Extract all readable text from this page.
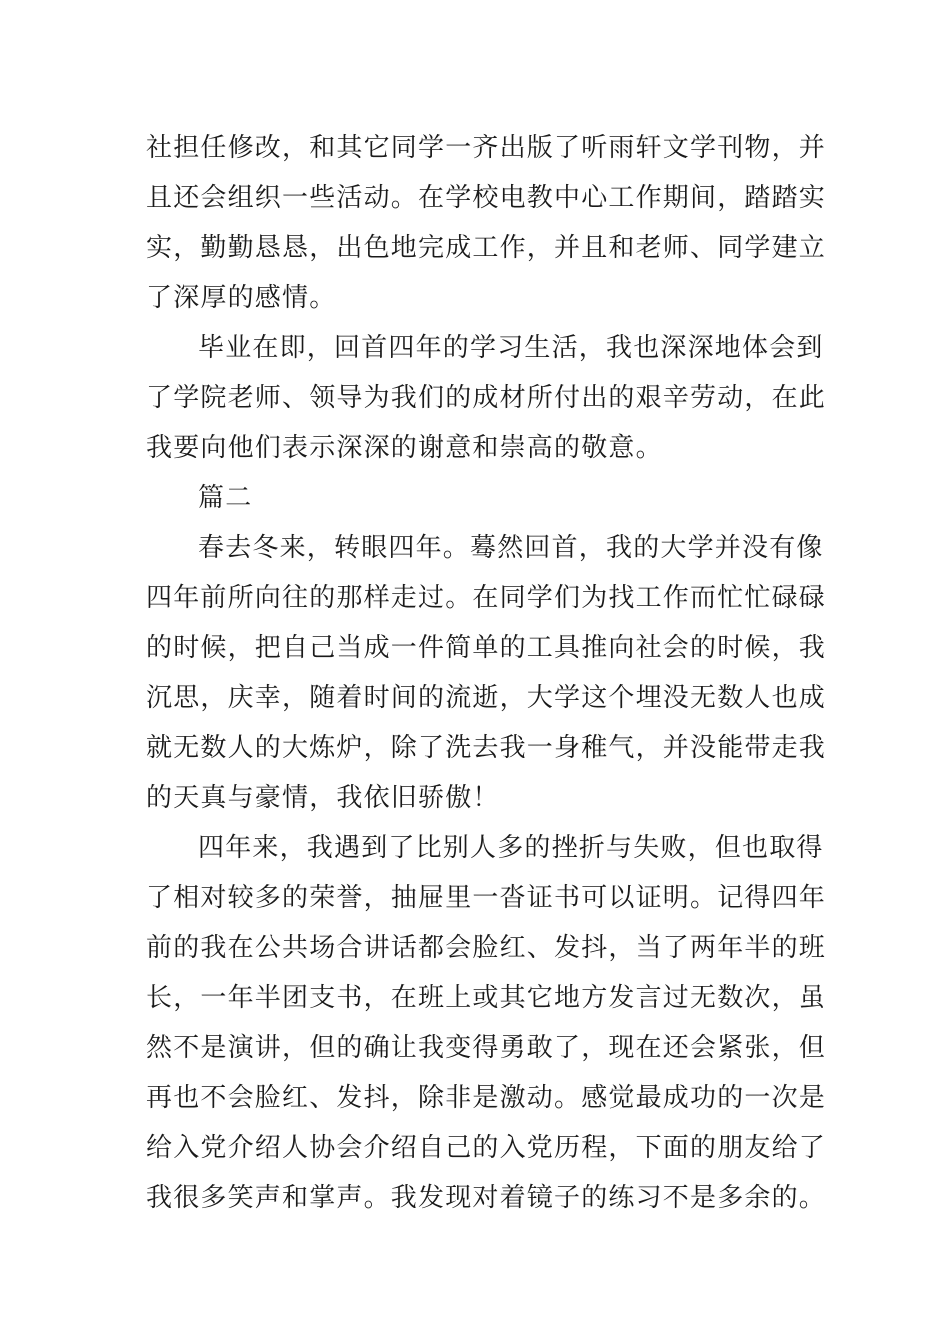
社担任修改，和其它同学一齐出版了听雨轩文学刊物，并
且还会组织一些活动。在学校电教中心工作期间，踏踏实
实，勤勤恳恳，出色地完成工作，并且和老师、同学建立
了深厚的感情。
毕业在即，回首四年的学习生活，我也深深地体会到
了学院老师、领导为我们的成材所付出的艰辛劳动，在此
我要向他们表示深深的谢意和崇高的敬意。
篇二
春去冬来，转眼四年。蓦然回首，我的大学并没有像
四年前所向往的那样走过。在同学们为找工作而忙忙碌碌
的时候，把自己当成一件简单的工具推向社会的时候，我
沉思，庆幸，随着时间的流逝，大学这个埋没无数人也成
就无数人的大炼炉，除了洗去我一身稚气，并没能带走我
的天真与豪情，我依旧骄傲！
四年来，我遇到了比别人多的挫折与失败，但也取得
了相对较多的荣誉，抽屉里一沓证书可以证明。记得四年
前的我在公共场合讲话都会脸红、发抖，当了两年半的班
长，一年半团支书，在班上或其它地方发言过无数次，虽
然不是演讲，但的确让我变得勇敢了，现在还会紧张，但
再也不会脸红、发抖，除非是激动。感觉最成功的一次是
给入党介绍人协会介绍自己的入党历程，下面的朋友给了
我很多笑声和掌声。我发现对着镜子的练习不是多余的。
